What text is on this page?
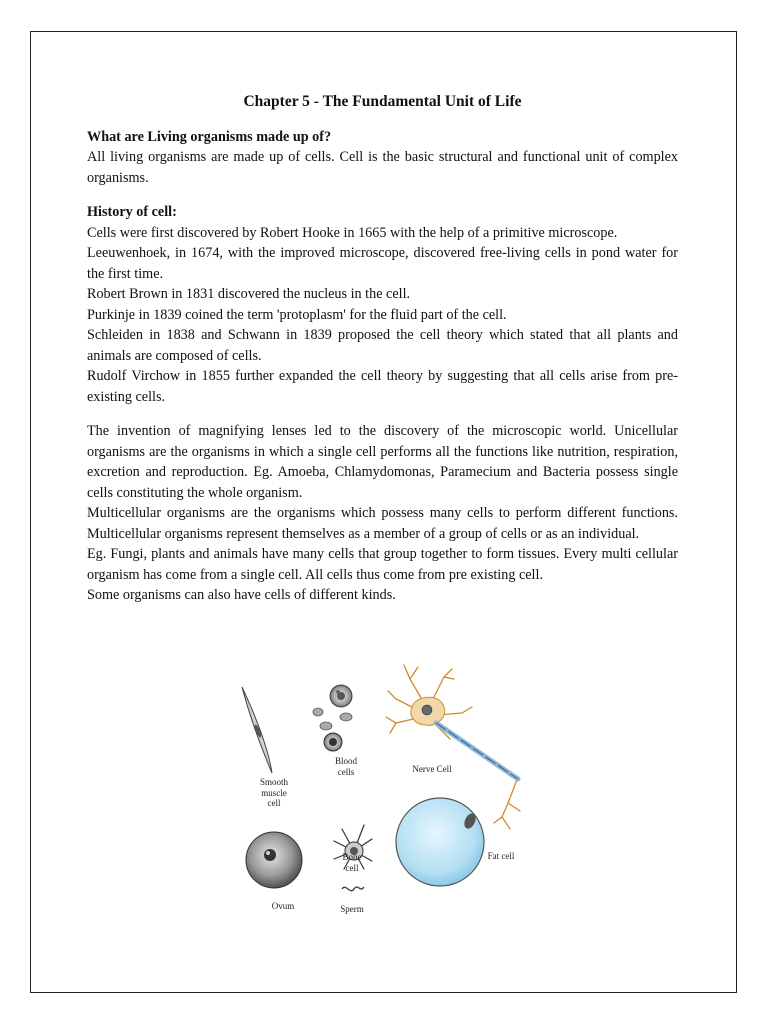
Chapter 5 - The Fundamental Unit of Life
What are Living organisms made up of?
All living organisms are made up of cells. Cell is the basic structural and functional unit of complex organisms.
History of cell:
Cells were first discovered by Robert Hooke in 1665 with the help of a primitive microscope.
Leeuwenhoek, in 1674, with the improved microscope, discovered free-living cells in pond water for the first time.
Robert Brown in 1831 discovered the nucleus in the cell.
Purkinje in 1839 coined the term 'protoplasm' for the fluid part of the cell.
Schleiden in 1838 and Schwann in 1839 proposed the cell theory which stated that all plants and animals are composed of cells.
Rudolf Virchow in 1855 further expanded the cell theory by suggesting that all cells arise from pre-existing cells.
The invention of magnifying lenses led to the discovery of the microscopic world. Unicellular organisms are the organisms in which a single cell performs all the functions like nutrition, respiration, excretion and reproduction. Eg. Amoeba, Chlamydomonas, Paramecium and Bacteria possess single cells constituting the whole organism.
Multicellular organisms are the organisms which possess many cells to perform different functions. Multicellular organisms represent themselves as a member of a group of cells or as an individual.
Eg. Fungi, plants and animals have many cells that group together to form tissues. Every multi cellular organism has come from a single cell. All cells thus come from pre existing cell.
Some organisms can also have cells of different kinds.
Smooth
muscle
cell
Blood
cells	Nerve Cell
Bone
cell
Fat cell
Ovum	Sperm
